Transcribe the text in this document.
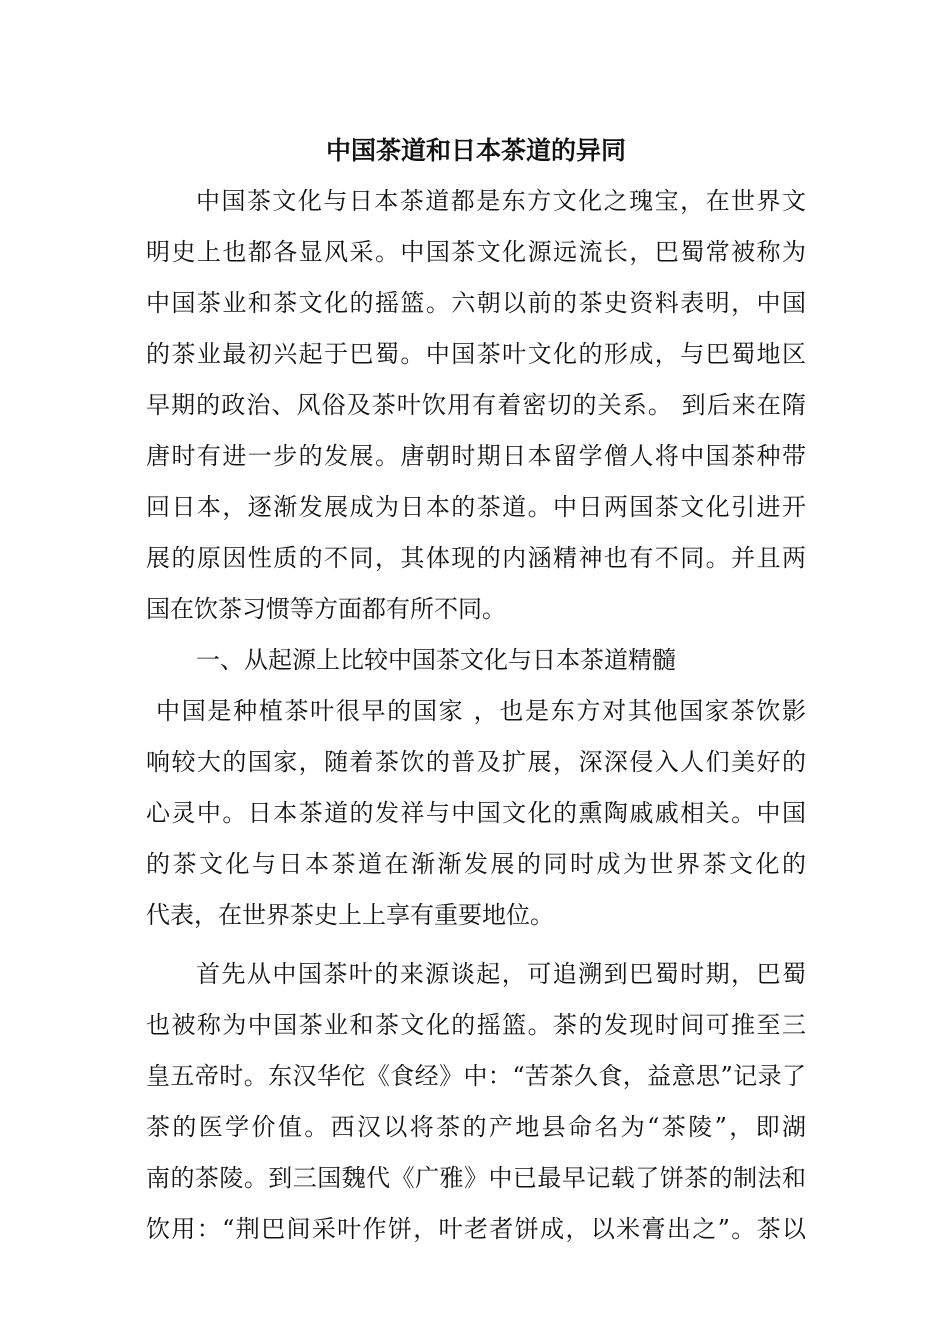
中国茶道和日本茶道的异同
中国茶文化与日本茶道都是东方文化之瑰宝，在世界文
明史上也都各显风采。中国茶文化源远流长，巴蜀常被称为
中国茶业和茶文化的摇篮。六朝以前的茶史资料表明，中国
的茶业最初兴起于巴蜀。中国茶叶文化的形成，与巴蜀地区
早期的政治、风俗及茶叶饮用有着密切的关系。 到后来在隋
唐时有进一步的发展。唐朝时期日本留学僧人将中国茶种带
回日本，逐渐发展成为日本的茶道。中日两国茶文化引进开
展的原因性质的不同，其体现的内涵精神也有不同。并且两
国在饮茶习惯等方面都有所不同。
一、从起源上比较中国茶文化与日本茶道精髓
中国是种植茶叶很早的国家 ，也是东方对其他国家茶饮影
响较大的国家，随着茶饮的普及扩展，深深侵入人们美好的
心灵中。日本茶道的发祥与中国文化的熏陶戚戚相关。中国
的茶文化与日本茶道在渐渐发展的同时成为世界茶文化的
代表，在世界茶史上上享有重要地位。
首先从中国茶叶的来源谈起，可追溯到巴蜀时期，巴蜀
也被称为中国茶业和茶文化的摇篮。茶的发现时间可推至三
皇五帝时。东汉华佗《食经》中：“苦茶久食，益意思”记录了
茶的医学价值。西汉以将茶的产地县命名为“茶陵”，即湖
南的茶陵。到三国魏代《广雅》中已最早记载了饼茶的制法和
饮用：“荆巴间采叶作饼，叶老者饼成，以米膏出之”。茶以
